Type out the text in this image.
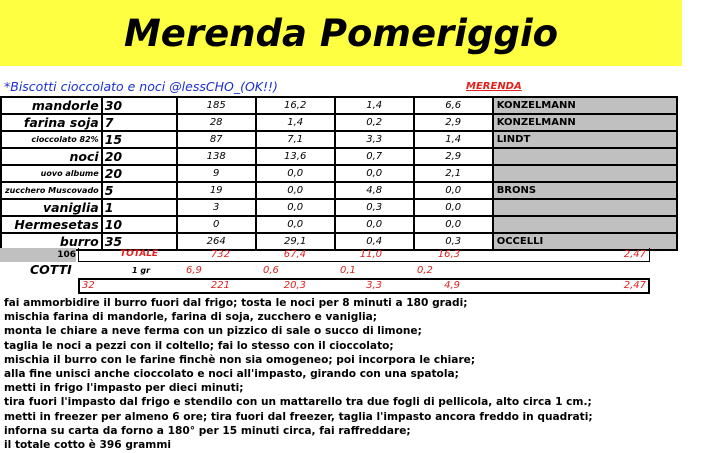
Merenda Pomeriggio
*Biscotti cioccolato e noci @lessCHO_(OK!!)	MERENDA
mandorle	30	185	16,2	1,4	6,6	KONZELMANN
farina soja	7	28	1,4	0,2	2,9	KONZELMANN
cioccolato 82%	15	87	7,1	3,3	1,4	LINDT
noci	20	138	13,6	0,7	2,9	
uovo albume	20	9	0,0	0,0	2,1	
zucchero Muscovado	5	19	0,0	4,8	0,0	BRONS
vaniglia	1	3	0,0	0,3	0,0	
Hermesetas	10	0	0,0	0,0	0,0	
burro	35	264	29,1	0,4	0,3	OCCELLI
106	TOTALE	732	67,4	11,0	16,3	2,47
COTTI	1 gr	6,9	0,6	0,1	0,2
32	221	20,3	3,3	4,9	2,47
fai ammorbidire il burro fuori dal frigo; tosta le noci per 8 minuti a 180 gradi;
mischia farina di mandorle, farina di soja, zucchero e vaniglia;
monta le chiare a neve ferma con un pizzico di sale o succo di limone;
taglia le noci a pezzi con il coltello; fai lo stesso con il cioccolato;
mischia il burro con le farine finchè non sia omogeneo; poi incorpora le chiare;
alla fine unisci anche cioccolato e noci all'impasto, girando con una spatola;
metti in frigo l'impasto per dieci minuti;
tira fuori l'impasto dal frigo e stendilo con un mattarello tra due fogli di pellicola, alto circa 1 cm.;
metti in freezer per almeno 6 ore; tira fuori dal freezer, taglia l'impasto ancora freddo in quadrati;
inforna su carta da forno a 180° per 15 minuti circa, fai raffreddare;
il totale cotto è 396 grammi
